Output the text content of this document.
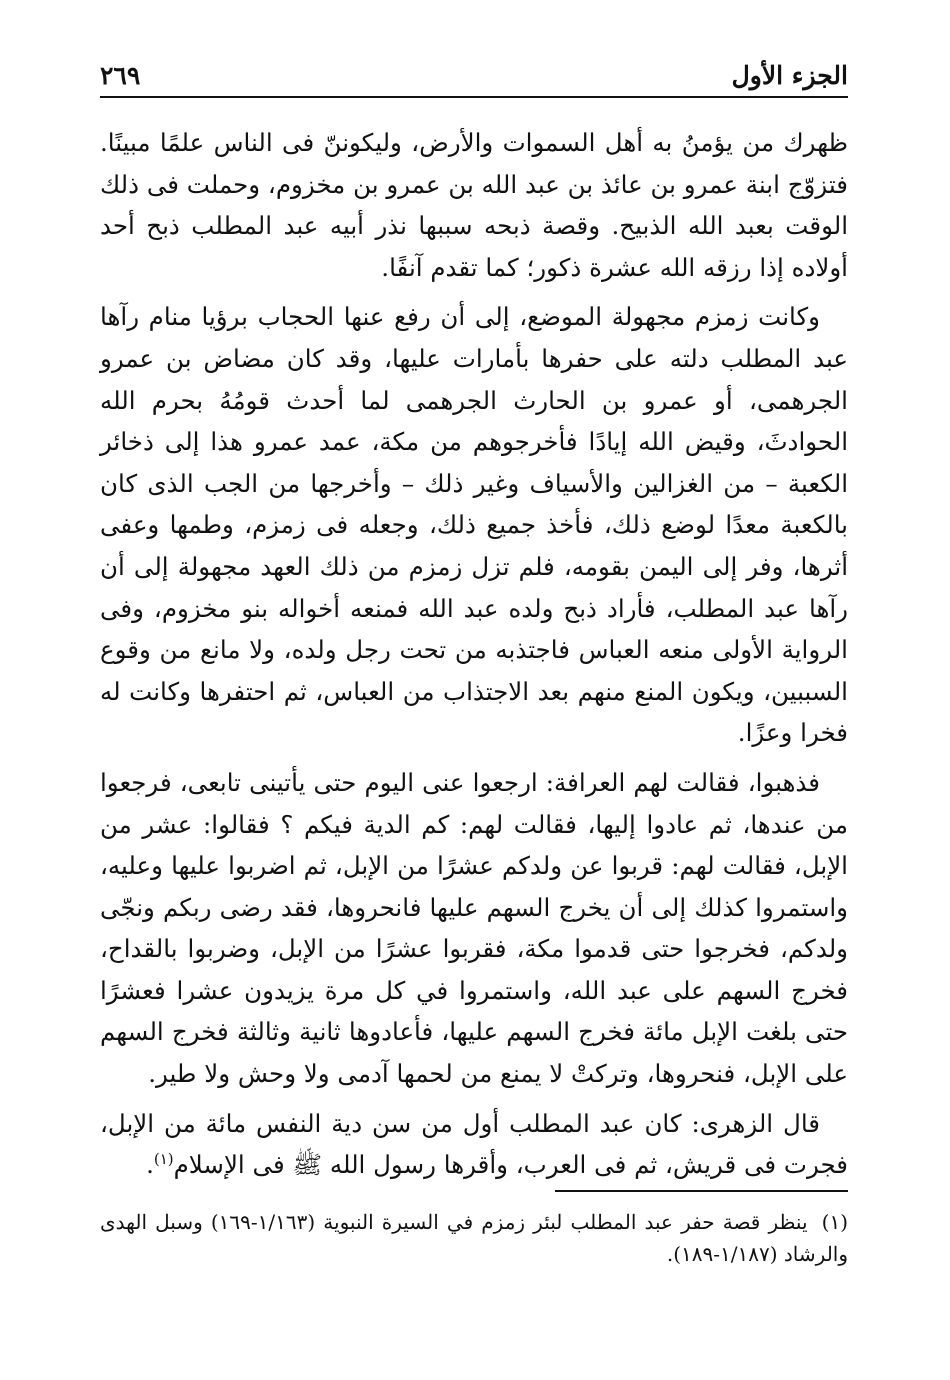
الجزء الأول
٢٦٩

ظهرك من يؤمنُ به أهل السموات والأرض، وليكوننّ فى الناس علمًا مبينًا. فتزوّج ابنة عمرو بن عائذ بن عبد الله بن عمرو بن مخزوم، وحملت فى ذلك الوقت بعبد الله الذبيح. وقصة ذبحه سببها نذر أبيه عبد المطلب ذبح أحد أولاده إذا رزقه الله عشرة ذكور؛ كما تقدم آنفًا.

وكانت زمزم مجهولة الموضع، إلى أن رفع عنها الحجاب برؤيا منام رآها عبد المطلب دلته على حفرها بأمارات عليها، وقد كان مضاض بن عمرو الجرهمى، أو عمرو بن الحارث الجرهمى لما أحدث قومُهُ بحرم الله الحوادثَ، وقيض الله إيادًا فأخرجوهم من مكة، عمد عمرو هذا إلى ذخائر الكعبة – من الغزالين والأسياف وغير ذلك – وأخرجها من الجب الذى كان بالكعبة معدًا لوضع ذلك، فأخذ جميع ذلك، وجعله فى زمزم، وطمها وعفى أثرها، وفر إلى اليمن بقومه، فلم تزل زمزم من ذلك العهد مجهولة إلى أن رآها عبد المطلب، فأراد ذبح ولده عبد الله فمنعه أخواله بنو مخزوم، وفى الرواية الأولى منعه العباس فاجتذبه من تحت رجل ولده، ولا مانع من وقوع السببين، ويكون المنع منهم بعد الاجتذاب من العباس، ثم احتفرها وكانت له فخرا وعزًا.

فذهبوا، فقالت لهم العرافة: ارجعوا عنى اليوم حتى يأتينى تابعى، فرجعوا من عندها، ثم عادوا إليها، فقالت لهم: كم الدية فيكم ؟ فقالوا: عشر من الإبل، فقالت لهم: قربوا عن ولدكم عشرًا من الإبل، ثم اضربوا عليها وعليه، واستمروا كذلك إلى أن يخرج السهم عليها فانحروها، فقد رضى ربكم ونجّى ولدكم، فخرجوا حتى قدموا مكة، فقربوا عشرًا من الإبل، وضربوا بالقداح، فخرج السهم على عبد الله، واستمروا في كل مرة يزيدون عشرا فعشرًا حتى بلغت الإبل مائة فخرج السهم عليها، فأعادوها ثانية وثالثة فخرج السهم على الإبل، فنحروها، وتركتْ لا يمنع من لحمها آدمى ولا وحش ولا طير.

قال الزهرى: كان عبد المطلب أول من سن دية النفس مائة من الإبل، فجرت فى قريش، ثم فى العرب، وأقرها رسول الله ﷺ فى الإسلام$^{(١)}$.

(١) ينظر قصة حفر عبد المطلب لبئر زمزم في السيرة النبوية (١/١٦٣-١٦٩) وسبل الهدى والرشاد (١/١٨٧-١٨٩).
